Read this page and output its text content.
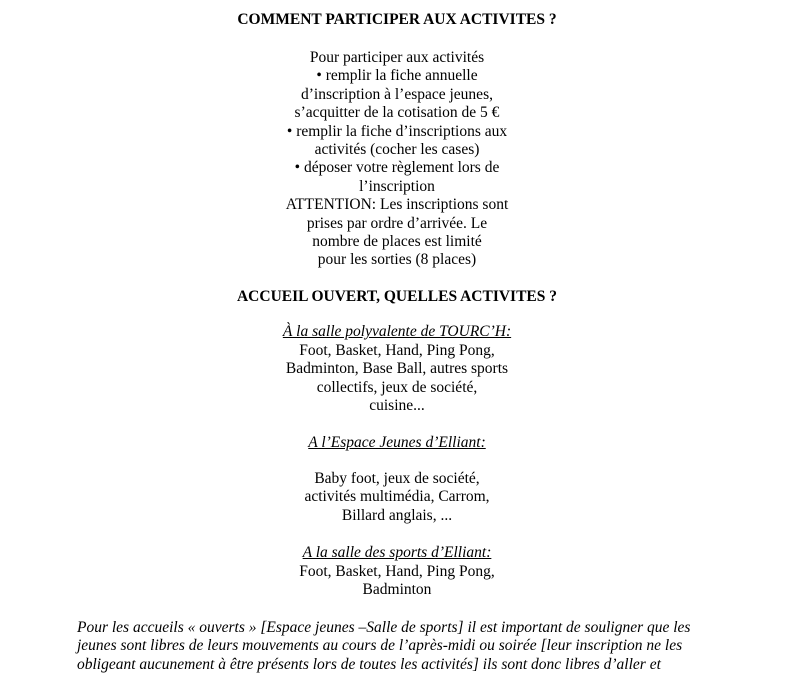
COMMENT PARTICIPER AUX ACTIVITES ?
Pour participer aux activités
• remplir la fiche annuelle
d’inscription à l’espace jeunes,
s’acquitter de la cotisation de 5 €
• remplir la fiche d’inscriptions aux
activités (cocher les cases)
• déposer votre règlement lors de
l’inscription
ATTENTION: Les inscriptions sont
prises par ordre d’arrivée. Le
nombre de places est limité
pour les sorties (8 places)
ACCUEIL OUVERT, QUELLES ACTIVITES ?
À la salle polyvalente de TOURC’H:
Foot, Basket, Hand, Ping Pong,
Badminton, Base Ball, autres sports
collectifs, jeux de société,
cuisine...
A l’Espace Jeunes d’Elliant:
Baby foot, jeux de société,
activités multimédia, Carrom,
Billard anglais, ...
A la salle des sports d’Elliant:
Foot, Basket, Hand, Ping Pong,
Badminton
Pour les accueils « ouverts » [Espace jeunes –Salle de sports] il est important de souligner que les
jeunes sont libres de leurs mouvements au cours de l’après-midi ou soirée [leur inscription ne les
obligeant aucunement à être présents lors de toutes les activités] ils sont donc libres d’aller et
